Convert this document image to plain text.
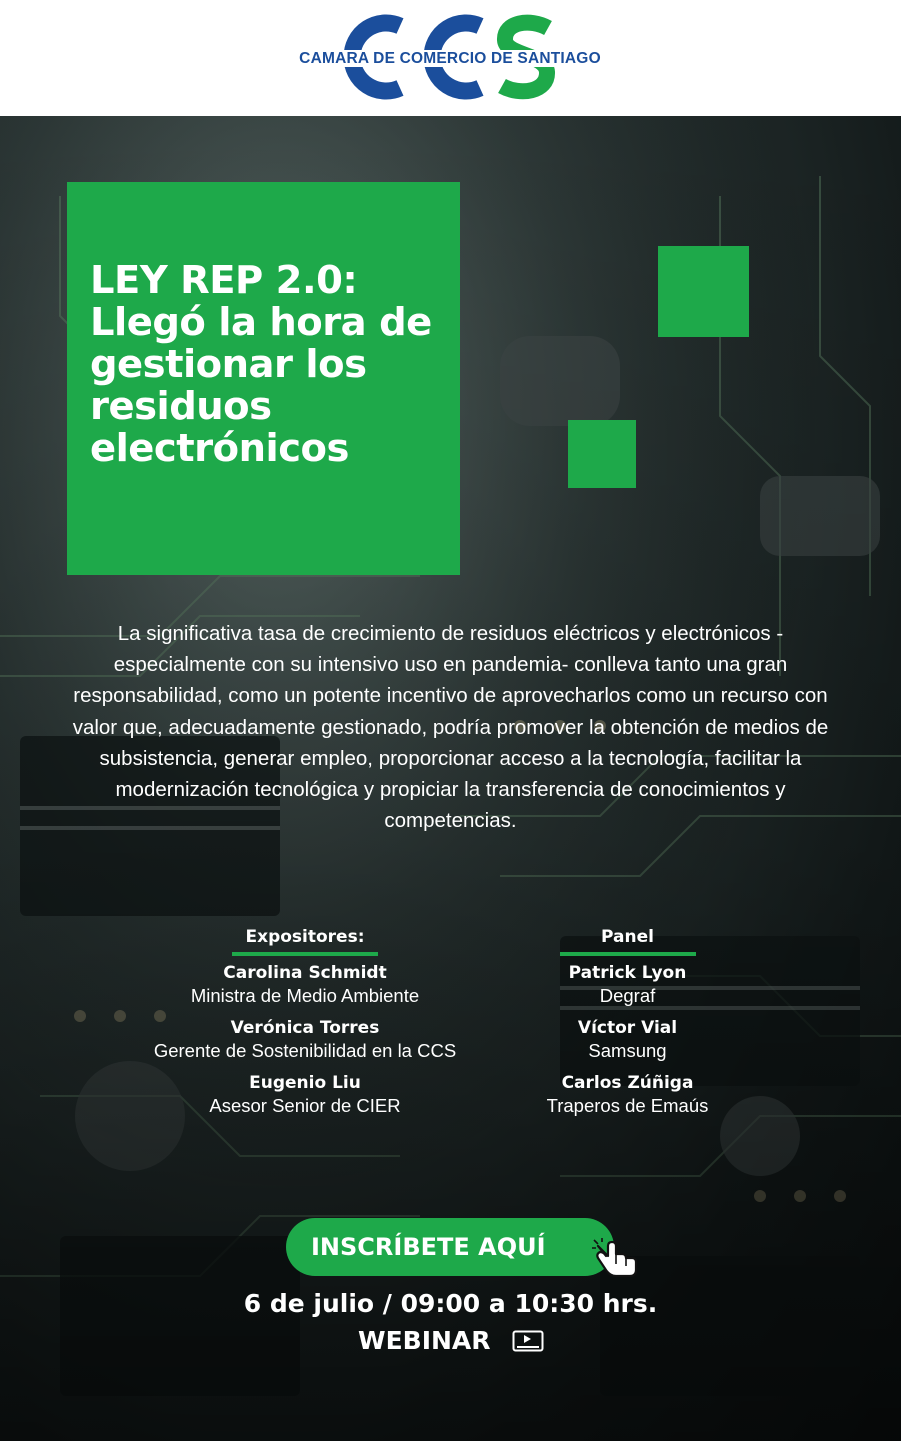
CAMARA DE COMERCIO DE SANTIAGO
LEY REP 2.0: Llegó la hora de gestionar los residuos electrónicos

La significativa tasa de crecimiento de residuos eléctricos y electrónicos -especialmente con su intensivo uso en pandemia- conlleva tanto una gran responsabilidad, como un potente incentivo de aprovecharlos como un recurso con valor que, adecuadamente gestionado, podría promover la obtención de medios de subsistencia, generar empleo, proporcionar acceso a la tecnología, facilitar la modernización tecnológica y propiciar la transferencia de conocimientos y competencias.

Expositores:
Carolina Schmidt
Ministra de Medio Ambiente
Verónica Torres
Gerente de Sostenibilidad en la CCS
Eugenio Liu
Asesor Senior de CIER
Panel
Patrick Lyon
Degraf
Víctor Vial
Samsung
Carlos Zúñiga
Traperos de Emaús
INSCRÍBETE AQUÍ
6 de julio / 09:00 a 10:30 hrs.
WEBINAR
